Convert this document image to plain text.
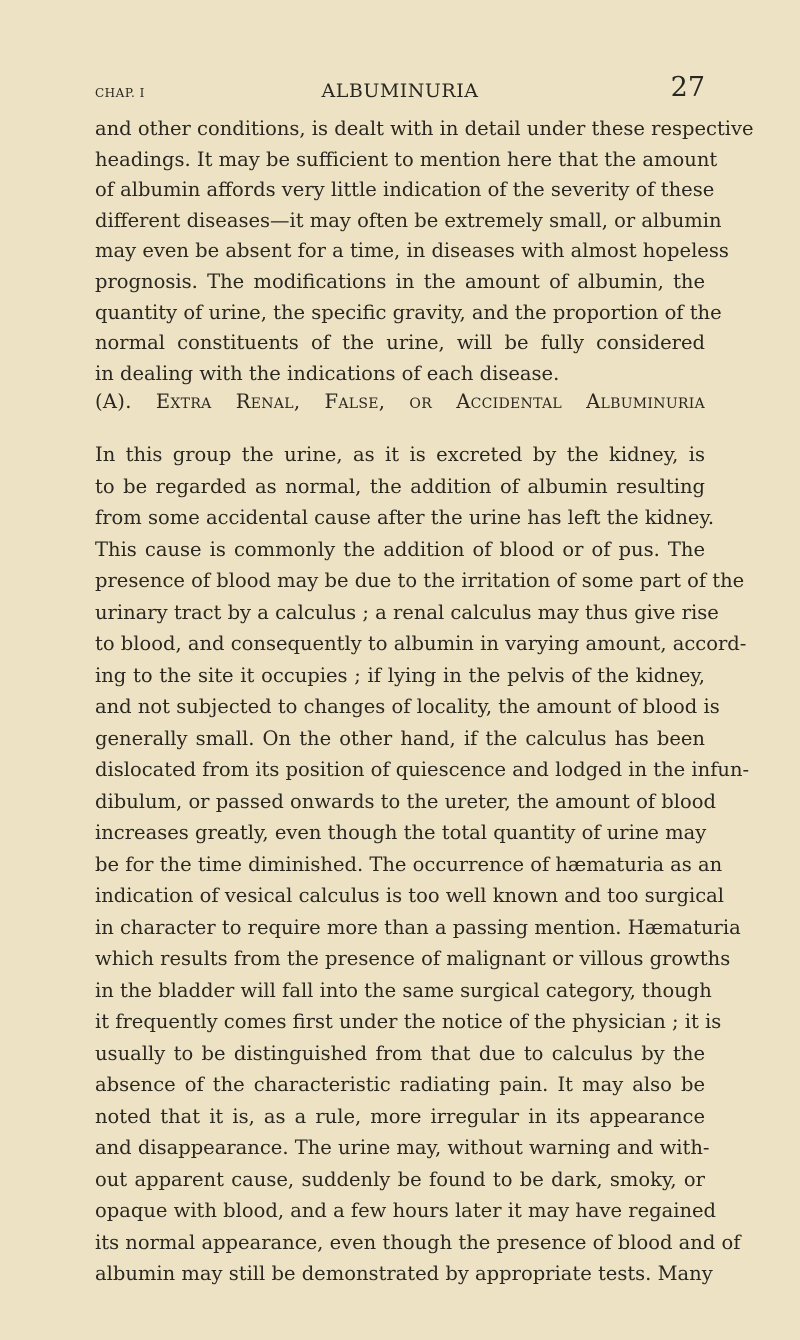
CHAP. I	ALBUMINURIA	27
and other conditions, is dealt with in detail under these respective
headings. It may be sufficient to mention here that the amount
of albumin affords very little indication of the severity of these
different diseases—it may often be extremely small, or albumin
may even be absent for a time, in diseases with almost hopeless
prognosis. The modifications in the amount of albumin, the
quantity of urine, the specific gravity, and the proportion of the
normal constituents of the urine, will be fully considered
in dealing with the indications of each disease.
(A). Extra Renal, False, or Accidental Albuminuria
In this group the urine, as it is excreted by the kidney, is
to be regarded as normal, the addition of albumin resulting
from some accidental cause after the urine has left the kidney.
This cause is commonly the addition of blood or of pus. The
presence of blood may be due to the irritation of some part of the
urinary tract by a calculus ; a renal calculus may thus give rise
to blood, and consequently to albumin in varying amount, accord-
ing to the site it occupies ; if lying in the pelvis of the kidney,
and not subjected to changes of locality, the amount of blood is
generally small. On the other hand, if the calculus has been
dislocated from its position of quiescence and lodged in the infun-
dibulum, or passed onwards to the ureter, the amount of blood
increases greatly, even though the total quantity of urine may
be for the time diminished. The occurrence of hæmaturia as an
indication of vesical calculus is too well known and too surgical
in character to require more than a passing mention. Hæmaturia
which results from the presence of malignant or villous growths
in the bladder will fall into the same surgical category, though
it frequently comes first under the notice of the physician ; it is
usually to be distinguished from that due to calculus by the
absence of the characteristic radiating pain. It may also be
noted that it is, as a rule, more irregular in its appearance
and disappearance. The urine may, without warning and with-
out apparent cause, suddenly be found to be dark, smoky, or
opaque with blood, and a few hours later it may have regained
its normal appearance, even though the presence of blood and of
albumin may still be demonstrated by appropriate tests. Many
